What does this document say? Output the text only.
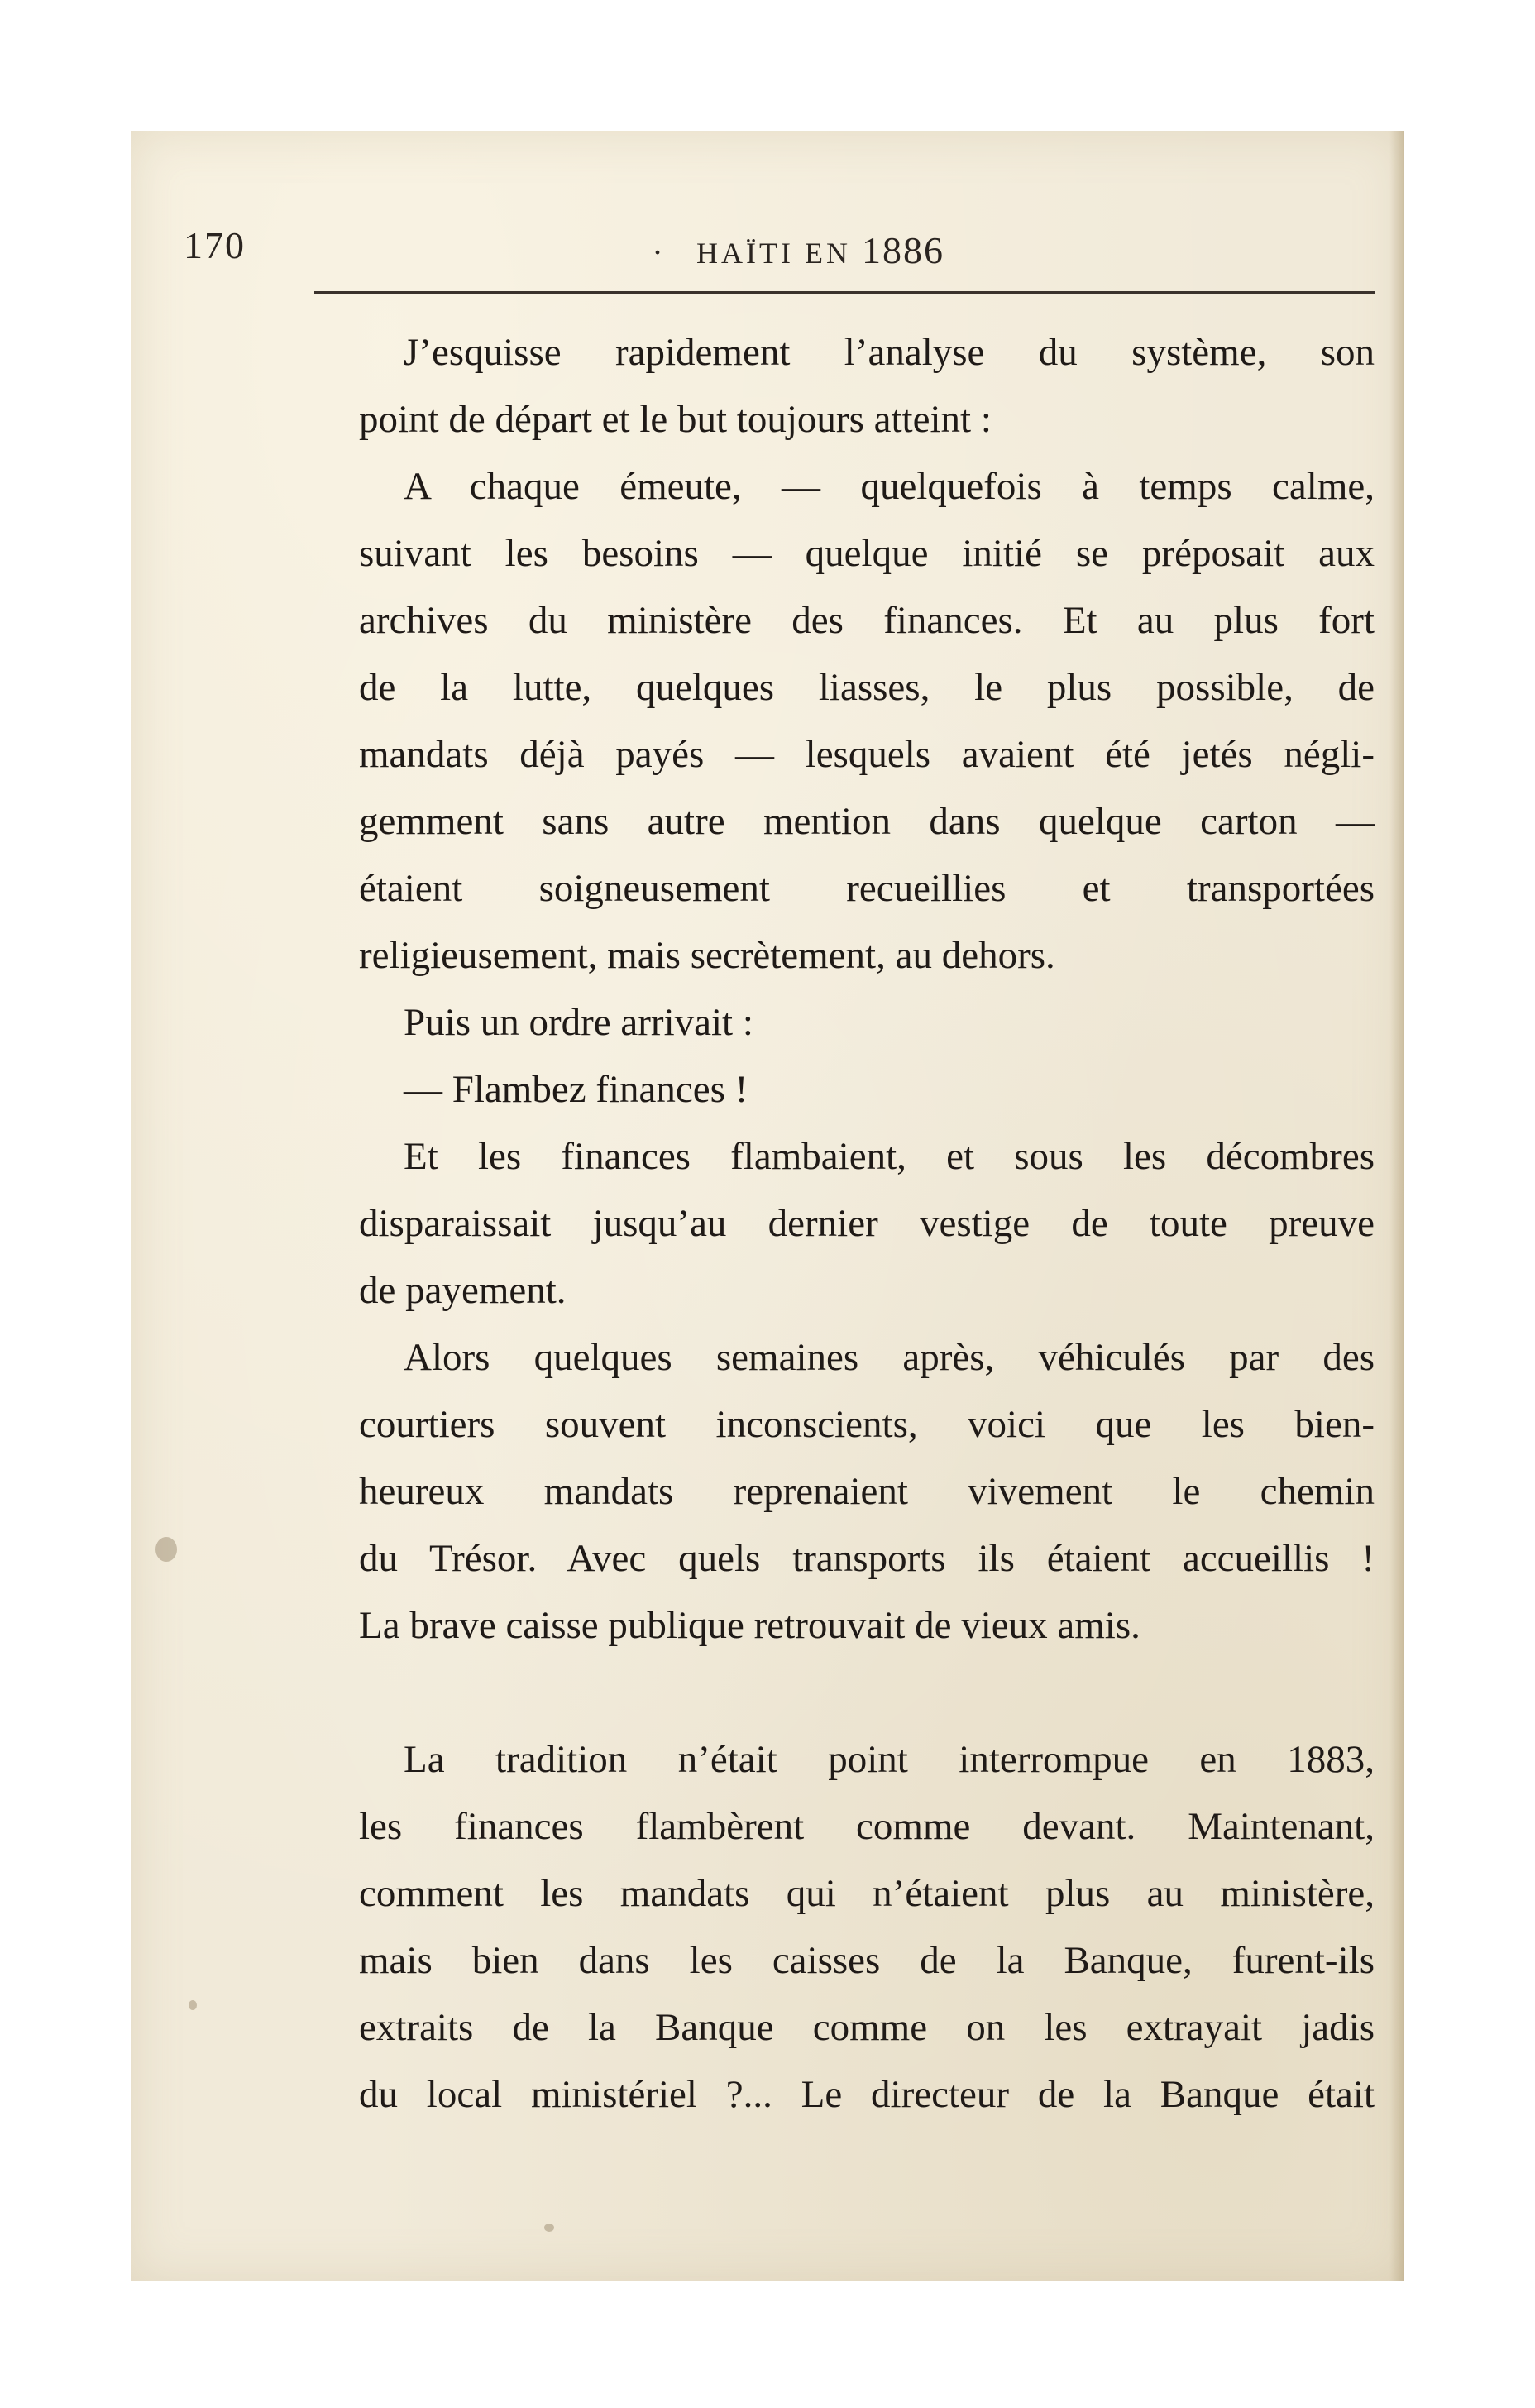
170	. HAÏTI EN 1886
J’esquisse rapidement l’analyse du système, son
point de départ et le but toujours atteint :
A chaque émeute, — quelquefois à temps calme,
suivant les besoins — quelque initié se préposait aux
archives du ministère des finances. Et au plus fort
de la lutte, quelques liasses, le plus possible, de
mandats déjà payés — lesquels avaient été jetés négli-
gemment sans autre mention dans quelque carton —
étaient soigneusement recueillies et transportées
religieusement, mais secrètement, au dehors.
Puis un ordre arrivait :
— Flambez finances !
Et les finances flambaient, et sous les décombres
disparaissait jusqu’au dernier vestige de toute preuve
de payement.
Alors quelques semaines après, véhiculés par des
courtiers souvent inconscients, voici que les bien-
heureux mandats reprenaient vivement le chemin
du Trésor. Avec quels transports ils étaient accueillis !
La brave caisse publique retrouvait de vieux amis.
La tradition n’était point interrompue en 1883,
les finances flambèrent comme devant. Maintenant,
comment les mandats qui n’étaient plus au ministère,
mais bien dans les caisses de la Banque, furent-ils
extraits de la Banque comme on les extrayait jadis
du local ministériel ?... Le directeur de la Banque était
